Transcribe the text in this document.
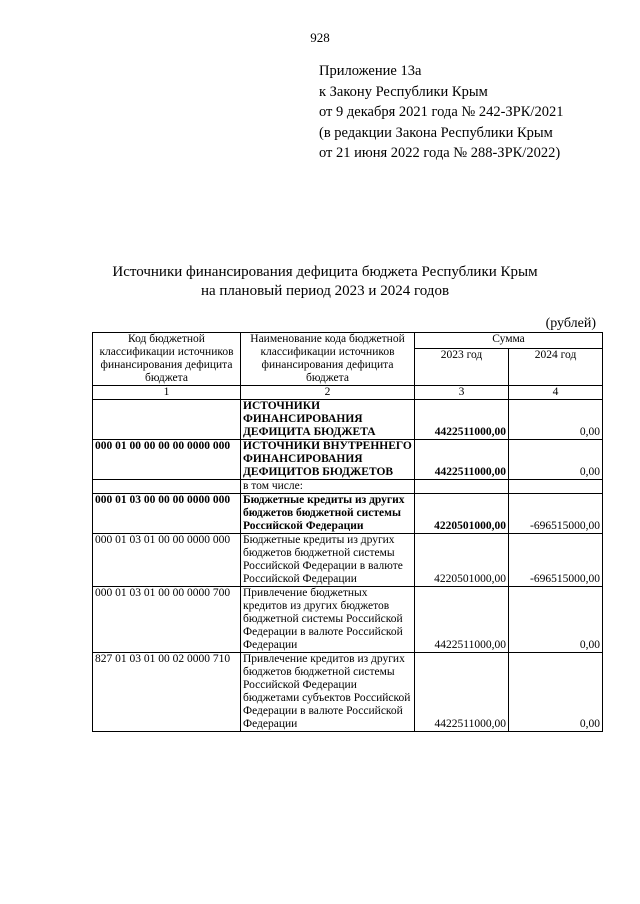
928
Приложение 13а
к Закону Республики Крым
от 9 декабря 2021 года № 242-ЗРК/2021
(в редакции Закона Республики Крым
от 21 июня 2022 года № 288-ЗРК/2022)
Источники финансирования дефицита бюджета Республики Крым
на плановый период 2023 и 2024 годов
(рублей)
Код бюджетной классификации источников финансирования дефицита бюджета	Наименование кода бюджетной классификации источников финансирования дефицита бюджета	Сумма	
		2023 год	2024 год
1	2	3	4
	ИСТОЧНИКИ ФИНАНСИРОВАНИЯ ДЕФИЦИТА БЮДЖЕТА	4422511000,00	0,00
000 01 00 00 00 00 0000 000	ИСТОЧНИКИ ВНУТРЕННЕГО ФИНАНСИРОВАНИЯ ДЕФИЦИТОВ БЮДЖЕТОВ	4422511000,00	0,00
	в том числе:		
000 01 03 00 00 00 0000 000	Бюджетные кредиты из других бюджетов бюджетной системы Российской Федерации	4220501000,00	-696515000,00
000 01 03 01 00 00 0000 000	Бюджетные кредиты из других бюджетов бюджетной системы Российской Федерации в валюте Российской Федерации	4220501000,00	-696515000,00
000 01 03 01 00 00 0000 700	Привлечение бюджетных кредитов из других бюджетов бюджетной системы Российской Федерации в валюте Российской Федерации	4422511000,00	0,00
827 01 03 01 00 02 0000 710	Привлечение кредитов из других бюджетов бюджетной системы Российской Федерации бюджетами субъектов Российской Федерации в валюте Российской Федерации	4422511000,00	0,00
